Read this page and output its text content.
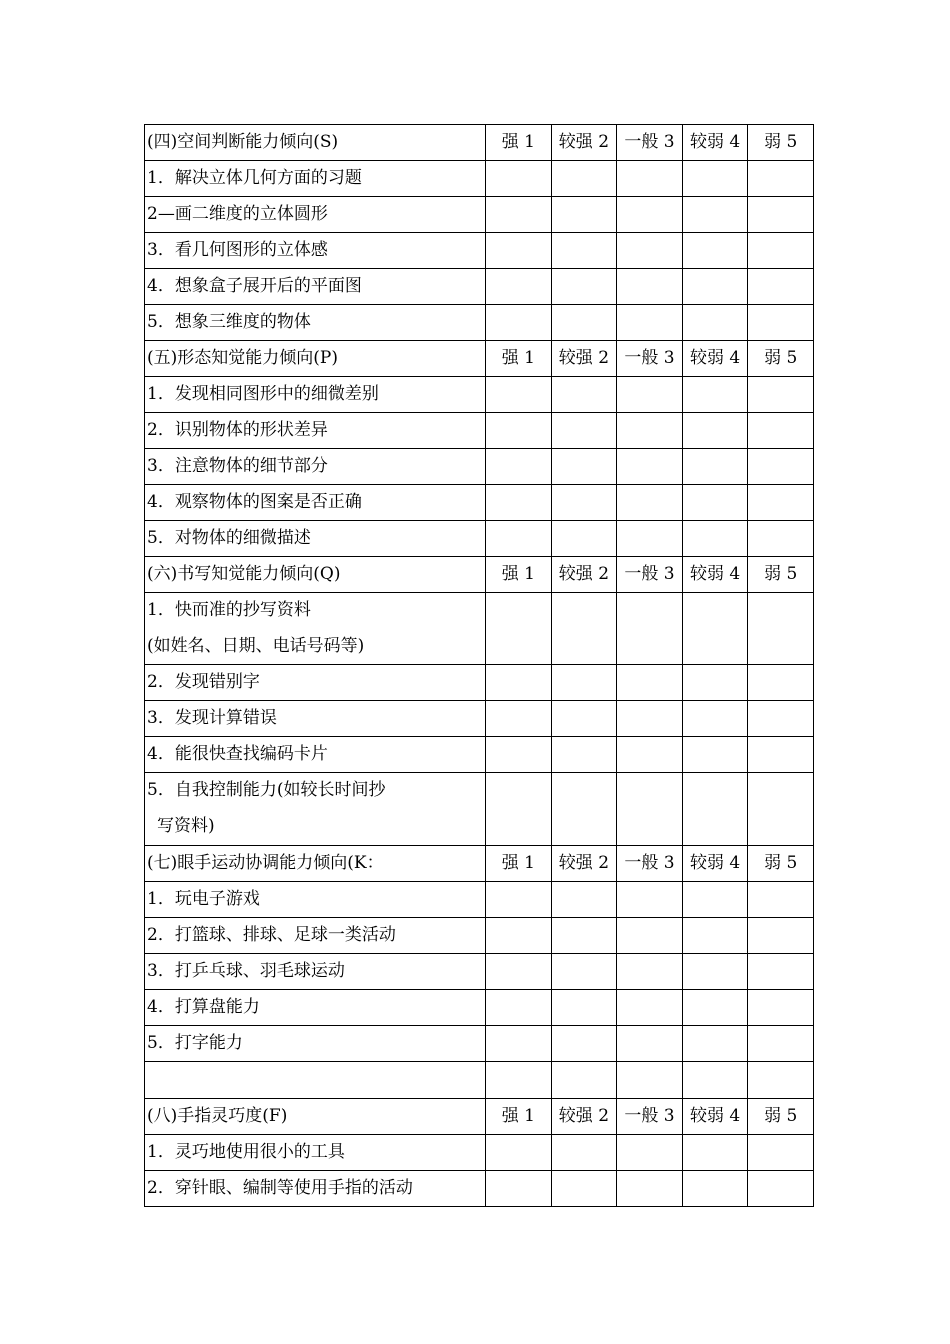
(四)空间判断能力倾向(S)	强 1	较强 2	一般 3	较弱 4	弱 5

1．解决立体几何方面的习题					

2—画二维度的立体圆形					

3．看几何图形的立体感					

4．想象盒子展开后的平面图					

5．想象三维度的物体					

(五)形态知觉能力倾向(P)	强 1	较强 2	一般 3	较弱 4	弱 5

1．发现相同图形中的细微差别					

2．识别物体的形状差异					

3．注意物体的细节部分					

4．观察物体的图案是否正确					

5．对物体的细微描述					

(六)书写知觉能力倾向(Q)	强 1	较强 2	一般 3	较弱 4	弱 5

1．快而准的抄写资料
(如姓名、日期、电话号码等)					

2．发现错别字					

3．发现计算错误					

4．能很快查找编码卡片					

5．自我控制能力(如较长时间抄
写资料)					

(七)眼手运动协调能力倾向(K：	强 1	较强 2	一般 3	较弱 4	弱 5

1．玩电子游戏					

2．打篮球、排球、足球一类活动					

3．打乒乓球、羽毛球运动					

4．打算盘能力					

5．打字能力					

(八)手指灵巧度(F)	强 1	较强 2	一般 3	较弱 4	弱 5

1．灵巧地使用很小的工具					

2．穿针眼、编制等使用手指的活动					
